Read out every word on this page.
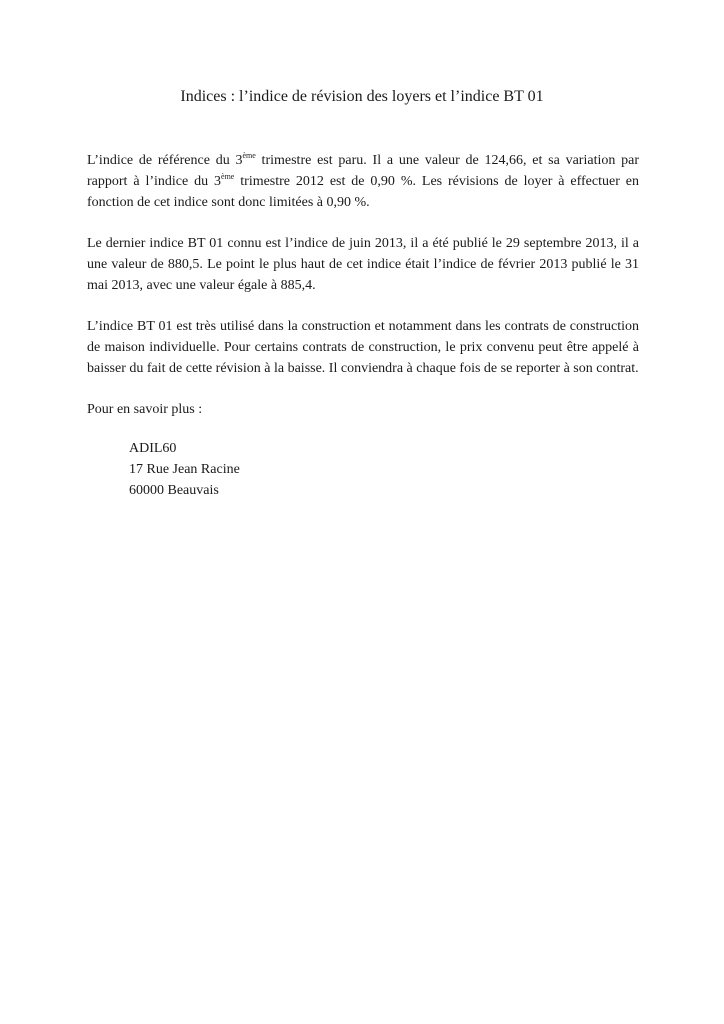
Indices : l’indice de révision des loyers et l’indice BT 01

L’indice de référence du 3ème trimestre est paru. Il a une valeur de 124,66, et sa variation par rapport à l’indice du 3ème trimestre 2012 est de 0,90 %. Les révisions de loyer à effectuer en fonction de cet indice sont donc limitées à 0,90 %.

Le dernier indice BT 01 connu est l’indice de juin 2013, il a été publié le 29 septembre 2013, il a une valeur de 880,5. Le point le plus haut de cet indice était l’indice de février 2013 publié le 31 mai 2013, avec une valeur égale à 885,4.

L’indice BT 01 est très utilisé dans la construction et notamment dans les contrats de construction de maison individuelle. Pour certains contrats de construction, le prix convenu peut être appelé à baisser du fait de cette révision à la baisse. Il conviendra à chaque fois de se reporter à son contrat.

Pour en savoir plus :

ADIL60
17 Rue Jean Racine
60000 Beauvais
